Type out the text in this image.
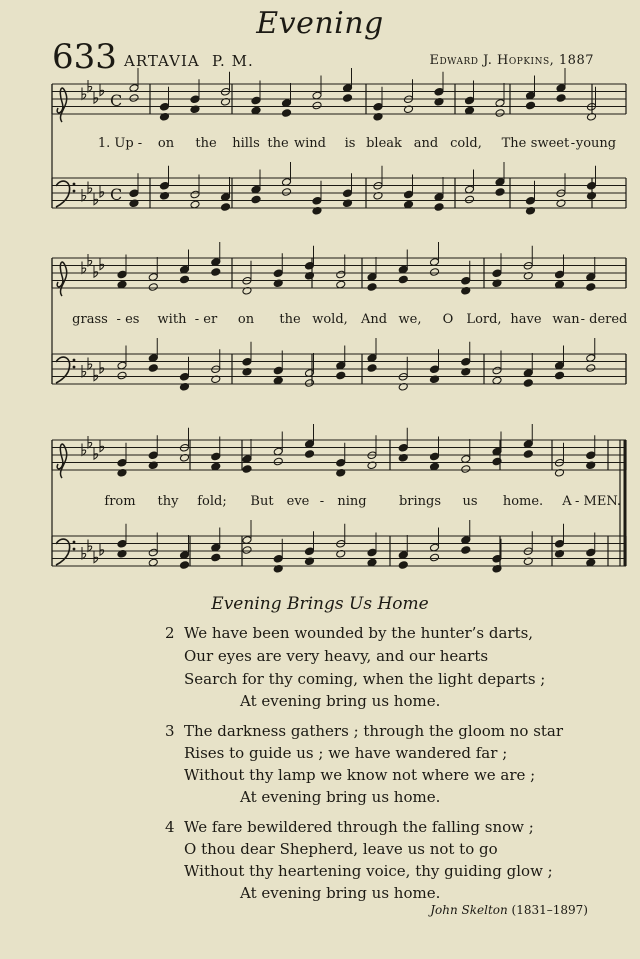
Evening
633 ARTAVIA P. M.	Edward J. Hopkins, 1887
C
C
1. Up - on the hills the wind is bleak and cold, The sweet - young
grass - es with - er on the wold, And we, O Lord, have wan - dered
from thy fold; But eve - ning brings us home. A - MEN.
Evening Brings Us Home
2 We have been wounded by the hunter’s darts,
Our eyes are very heavy, and our hearts
Search for thy coming, when the light departs ;
At evening bring us home.
3 The darkness gathers ; through the gloom no star
Rises to guide us ; we have wandered far ;
Without thy lamp we know not where we are ;
At evening bring us home.
4 We fare bewildered through the falling snow ;
O thou dear Shepherd, leave us not to go
Without thy heartening voice, thy guiding glow ;
At evening bring us home.
John Skelton (1831–1897)
